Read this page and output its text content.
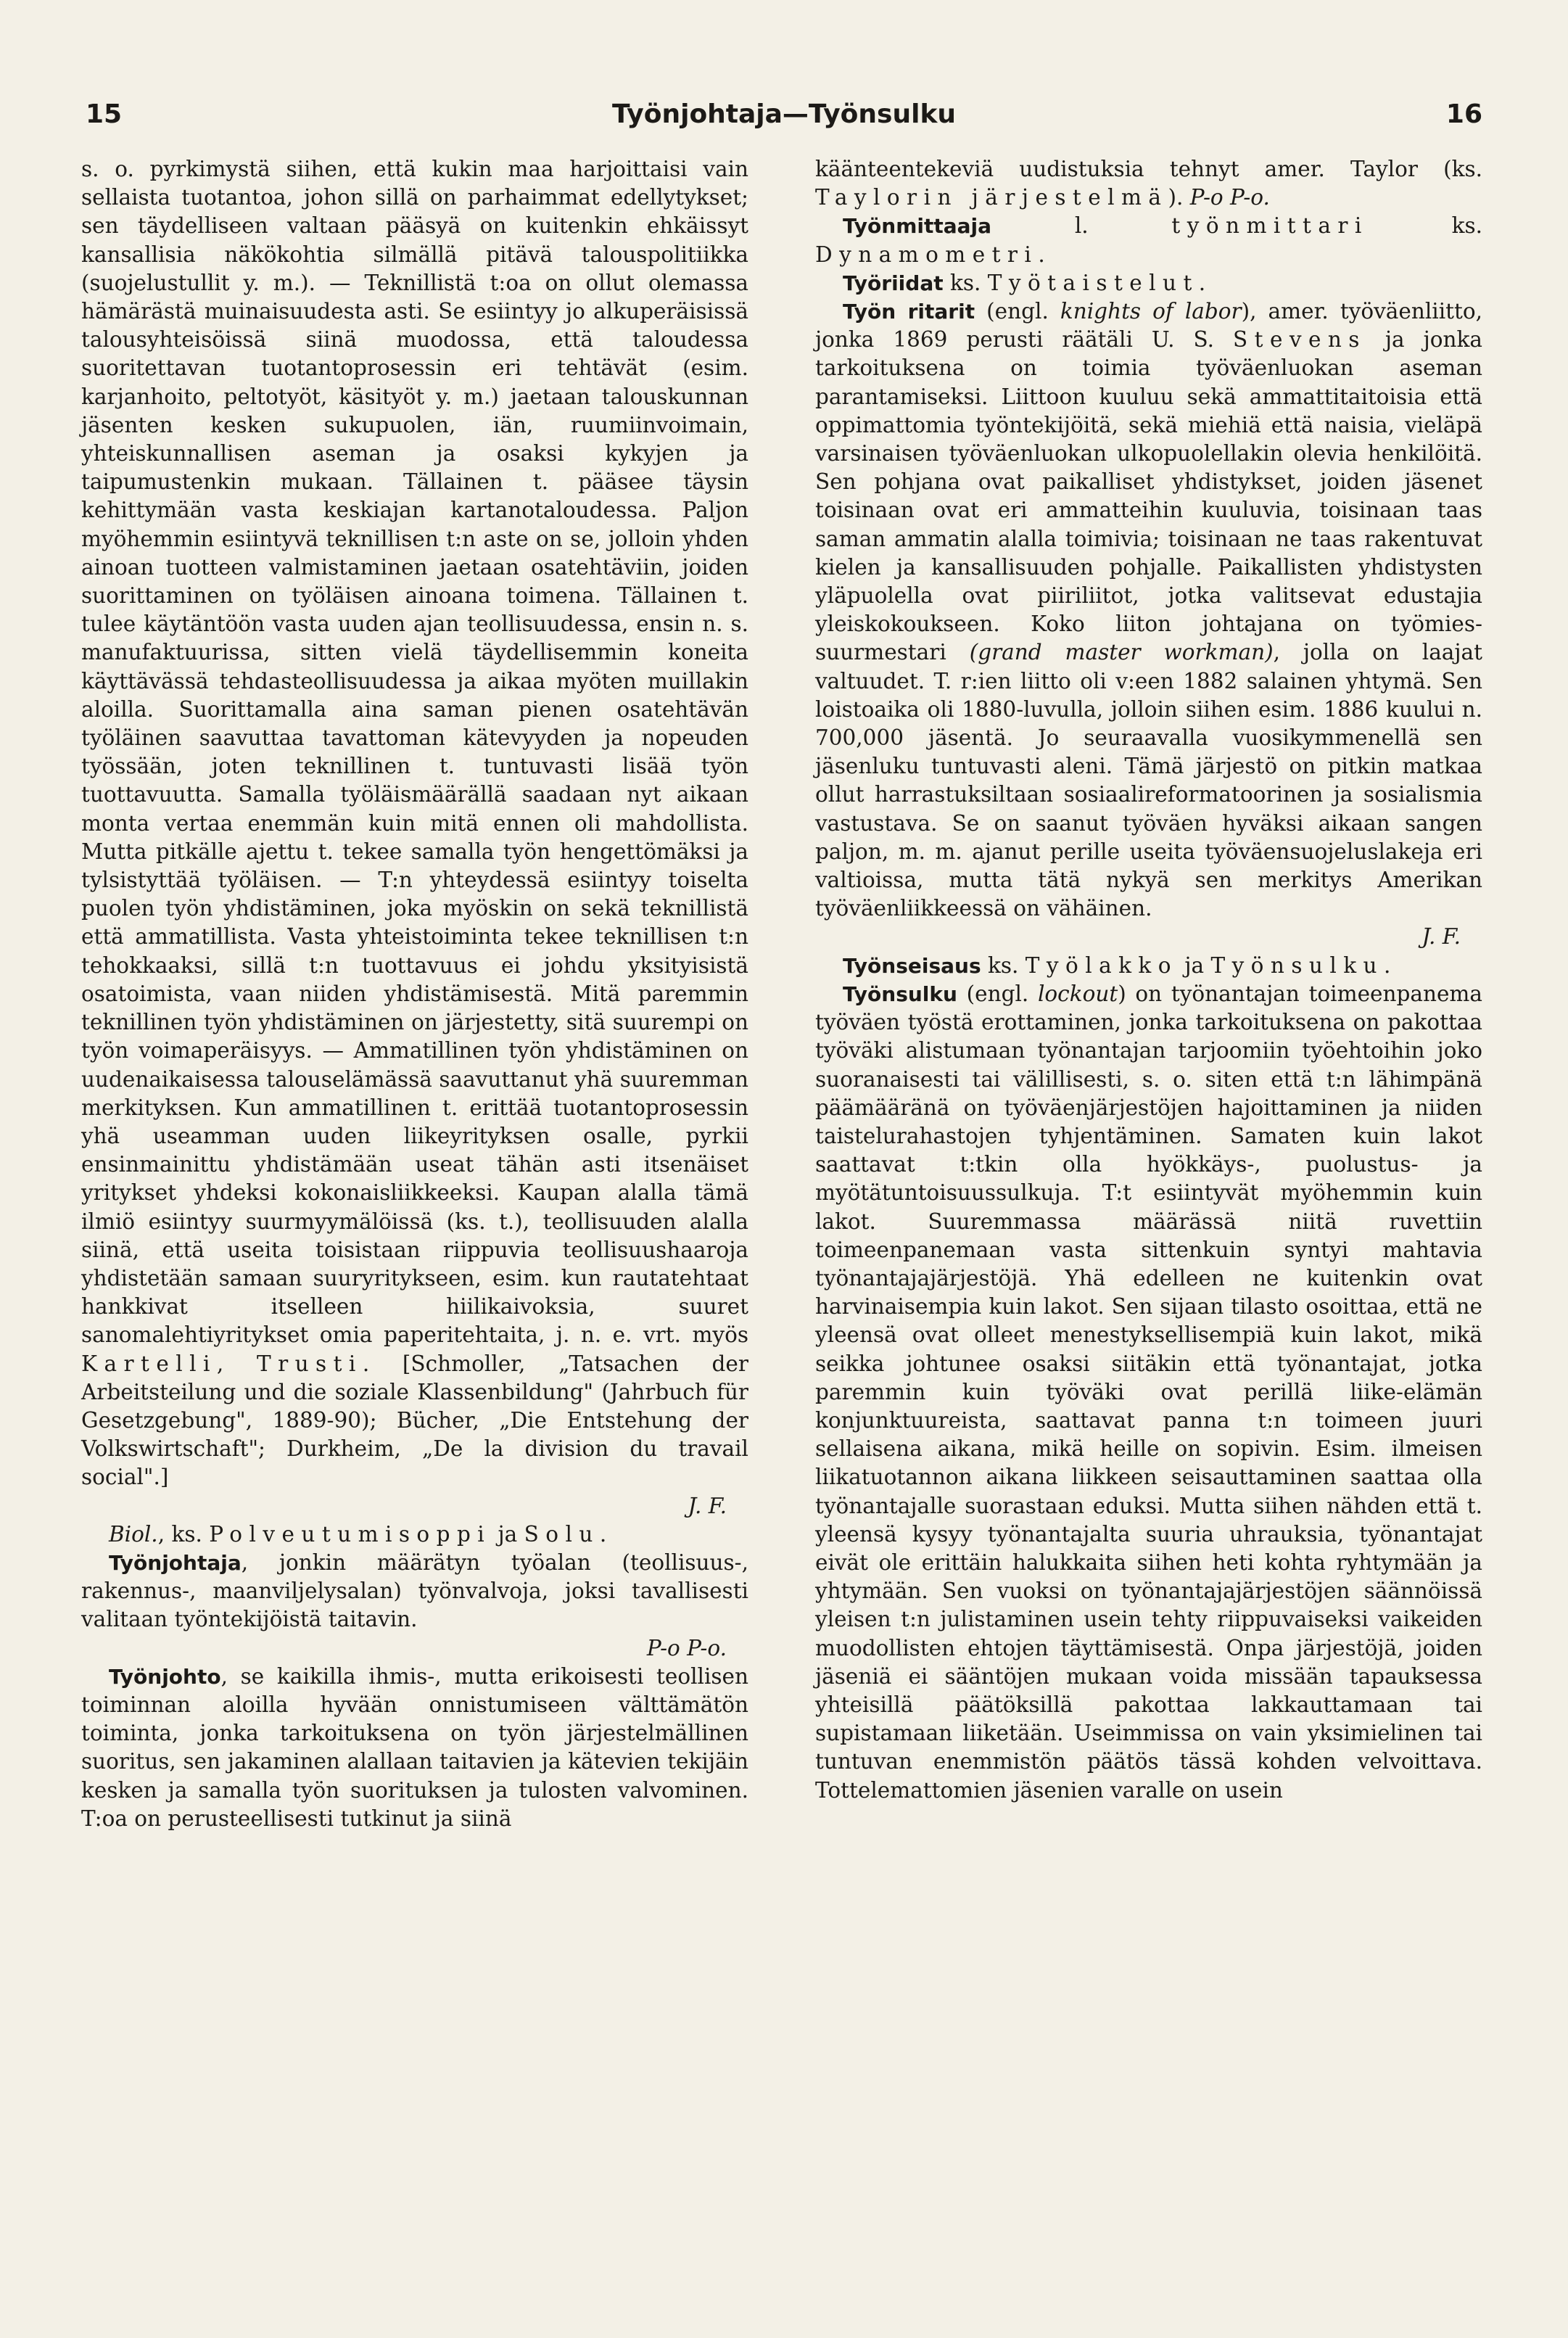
15	Työnjohtaja—Työnsulku	16

s. o. pyrkimystä siihen, että kukin maa harjoittaisi vain sellaista tuotantoa, johon sillä on parhaimmat edellytykset; sen täydelliseen valtaan pääsyä on kuitenkin ehkäissyt kansallisia näkökohtia silmällä pitävä talouspolitiikka (suojelustullit y. m.). — Teknillistä t:oa on ollut olemassa hämärästä muinaisuudesta asti. Se esiintyy jo alkuperäisissä talousyhteisöissä siinä muodossa, että taloudessa suoritettavan tuotantoprosessin eri tehtävät (esim. karjanhoito, peltotyöt, käsityöt y. m.) jaetaan talouskunnan jäsenten kesken sukupuolen, iän, ruumiinvoimain, yhteiskunnallisen aseman ja osaksi kykyjen ja taipumustenkin mukaan. Tällainen t. pääsee täysin kehittymään vasta keskiajan kartanotaloudessa. Paljon myöhemmin esiintyvä teknillisen t:n aste on se, jolloin yhden ainoan tuotteen valmistaminen jaetaan osatehtäviin, joiden suorittaminen on työläisen ainoana toimena. Tällainen t. tulee käytäntöön vasta uuden ajan teollisuudessa, ensin n. s. manufaktuurissa, sitten vielä täydellisemmin koneita käyttävässä tehdasteollisuudessa ja aikaa myöten muillakin aloilla. Suorittamalla aina saman pienen osatehtävän työläinen saavuttaa tavattoman kätevyyden ja nopeuden työssään, joten teknillinen t. tuntuvasti lisää työn tuottavuutta. Samalla työläismäärällä saadaan nyt aikaan monta vertaa enemmän kuin mitä ennen oli mahdollista. Mutta pitkälle ajettu t. tekee samalla työn hengettömäksi ja tylsistyttää työläisen. — T:n yhteydessä esiintyy toiselta puolen työn yhdistäminen, joka myöskin on sekä teknillistä että ammatillista. Vasta yhteistoiminta tekee teknillisen t:n tehokkaaksi, sillä t:n tuottavuus ei johdu yksityisistä osatoimista, vaan niiden yhdistämisestä. Mitä paremmin teknillinen työn yhdistäminen on järjestetty, sitä suurempi on työn voimaperäisyys. — Ammatillinen työn yhdistäminen on uudenaikaisessa talouselämässä saavuttanut yhä suuremman merkityksen. Kun ammatillinen t. erittää tuotantoprosessin yhä useamman uuden liikeyrityksen osalle, pyrkii ensinmainittu yhdistämään useat tähän asti itsenäiset yritykset yhdeksi kokonaisliikkeeksi. Kaupan alalla tämä ilmiö esiintyy suurmyymälöissä (ks. t.), teollisuuden alalla siinä, että useita toisistaan riippuvia teollisuushaaroja yhdistetään samaan suuryritykseen, esim. kun rautatehtaat hankkivat itselleen hiilikaivoksia, suuret sanomalehtiyritykset omia paperitehtaita, j. n. e. vrt. myös Kartelli, Trusti. [Schmoller, „Tatsachen der Arbeitsteilung und die soziale Klassenbildung" (Jahrbuch für Gesetzgebung", 1889-90); Bücher, „Die Entstehung der Volkswirtschaft"; Durkheim, „De la division du travail social".]

J. F.

Biol., ks. Polveutumisoppi ja Solu.

Työnjohtaja, jonkin määrätyn työalan (teollisuus-, rakennus-, maanviljelysalan) työnvalvoja, joksi tavallisesti valitaan työntekijöistä taitavin.

P-o P-o.

Työnjohto, se kaikilla ihmis-, mutta erikoisesti teollisen toiminnan aloilla hyvään onnistumiseen välttämätön toiminta, jonka tarkoituksena on työn järjestelmällinen suoritus, sen jakaminen alallaan taitavien ja kätevien tekijäin kesken ja samalla työn suorituksen ja tulosten valvominen. T:oa on perusteellisesti tutkinut ja siinä

käänteentekeviä uudistuksia tehnyt amer. Taylor (ks. Taylorin järjestelmä). P-o P-o.

Työnmittaaja l. työnmittari ks. Dynamometri.

Työriidat ks. Työtaistelut.

Työn ritarit (engl. knights of labor), amer. työväenliitto, jonka 1869 perusti räätäli U. S. Stevens ja jonka tarkoituksena on toimia työväenluokan aseman parantamiseksi. Liittoon kuuluu sekä ammattitaitoisia että oppimattomia työntekijöitä, sekä miehiä että naisia, vieläpä varsinaisen työväenluokan ulkopuolellakin olevia henkilöitä. Sen pohjana ovat paikalliset yhdistykset, joiden jäsenet toisinaan ovat eri ammatteihin kuuluvia, toisinaan taas saman ammatin alalla toimivia; toisinaan ne taas rakentuvat kielen ja kansallisuuden pohjalle. Paikallisten yhdistysten yläpuolella ovat piiriliitot, jotka valitsevat edustajia yleiskokoukseen. Koko liiton johtajana on työmies-suurmestari (grand master workman), jolla on laajat valtuudet. T. r:ien liitto oli v:een 1882 salainen yhtymä. Sen loistoaika oli 1880-luvulla, jolloin siihen esim. 1886 kuului n. 700,000 jäsentä. Jo seuraavalla vuosikymmenellä sen jäsenluku tuntuvasti aleni. Tämä järjestö on pitkin matkaa ollut harrastuksiltaan sosiaalireformatoorinen ja sosialismia vastustava. Se on saanut työväen hyväksi aikaan sangen paljon, m. m. ajanut perille useita työväensuojeluslakeja eri valtioissa, mutta tätä nykyä sen merkitys Amerikan työväenliikkeessä on vähäinen.

J. F.

Työnseisaus ks. Työlakko ja Työnsulku.

Työnsulku (engl. lockout) on työnantajan toimeenpanema työväen työstä erottaminen, jonka tarkoituksena on pakottaa työväki alistumaan työnantajan tarjoomiin työehtoihin joko suoranaisesti tai välillisesti, s. o. siten että t:n lähimpänä päämääränä on työväenjärjestöjen hajoittaminen ja niiden taistelurahastojen tyhjentäminen. Samaten kuin lakot saattavat t:tkin olla hyökkäys-, puolustus- ja myötätuntoisuussulkuja. T:t esiintyvät myöhemmin kuin lakot. Suuremmassa määrässä niitä ruvettiin toimeenpanemaan vasta sittenkuin syntyi mahtavia työnantajajärjestöjä. Yhä edelleen ne kuitenkin ovat harvinaisempia kuin lakot. Sen sijaan tilasto osoittaa, että ne yleensä ovat olleet menestyksellisempiä kuin lakot, mikä seikka johtunee osaksi siitäkin että työnantajat, jotka paremmin kuin työväki ovat perillä liike-elämän konjunktuureista, saattavat panna t:n toimeen juuri sellaisena aikana, mikä heille on sopivin. Esim. ilmeisen liikatuotannon aikana liikkeen seisauttaminen saattaa olla työnantajalle suorastaan eduksi. Mutta siihen nähden että t. yleensä kysyy työnantajalta suuria uhrauksia, työnantajat eivät ole erittäin halukkaita siihen heti kohta ryhtymään ja yhtymään. Sen vuoksi on työnantajajärjestöjen säännöissä yleisen t:n julistaminen usein tehty riippuvaiseksi vaikeiden muodollisten ehtojen täyttämisestä. Onpa järjestöjä, joiden jäseniä ei sääntöjen mukaan voida missään tapauksessa yhteisillä päätöksillä pakottaa lakkauttamaan tai supistamaan liiketään. Useimmissa on vain yksimielinen tai tuntuvan enemmistön päätös tässä kohden velvoittava. Tottelemattomien jäsenien varalle on usein
